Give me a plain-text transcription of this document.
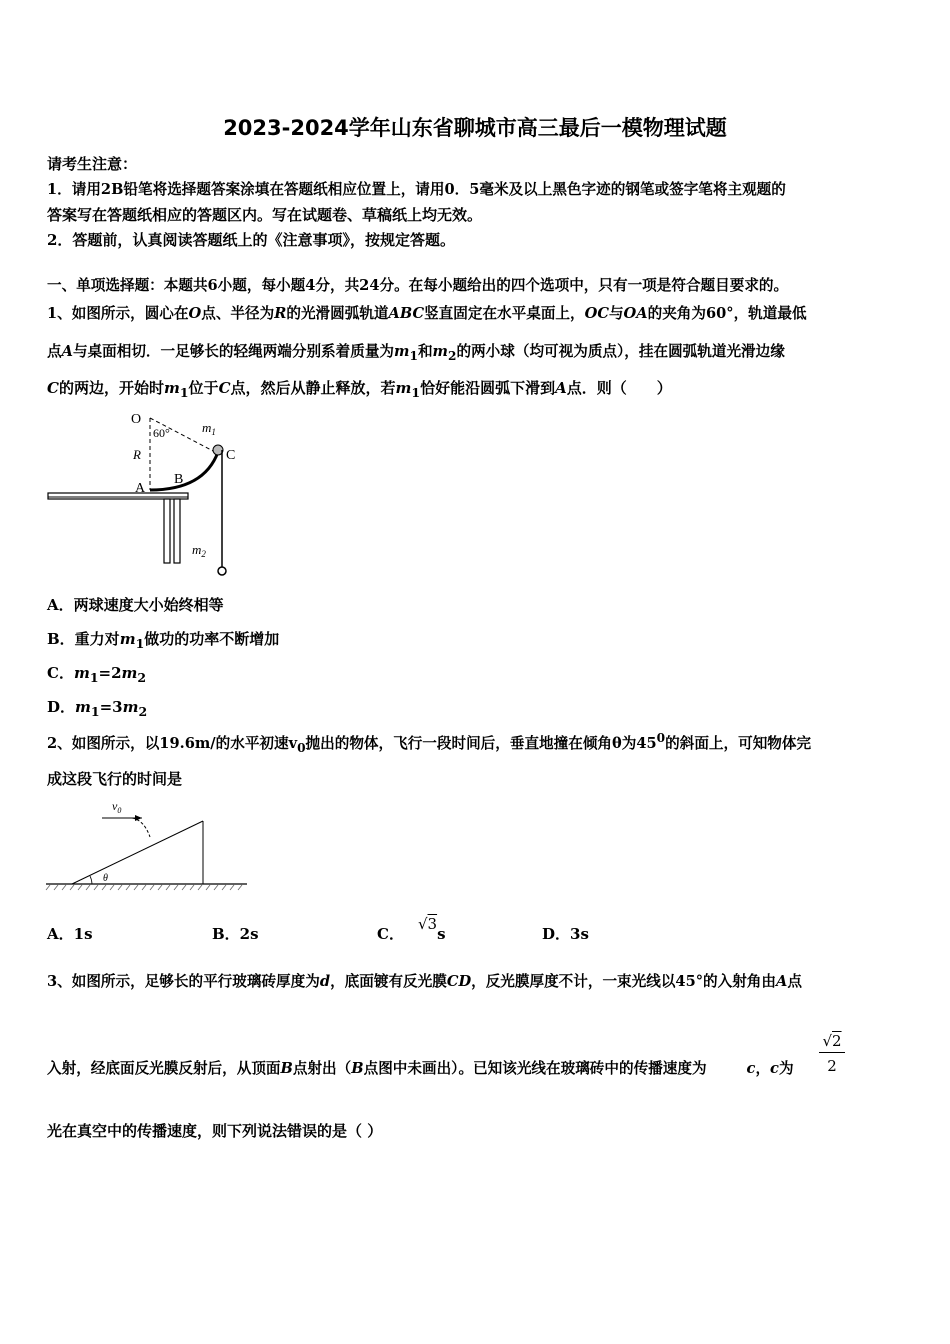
2023-2024学年山东省聊城市高三最后一模物理试题
请考生注意：
1．请用2B铅笔将选择题答案涂填在答题纸相应位置上，请用0．5毫米及以上黑色字迹的钢笔或签字笔将主观题的
答案写在答题纸相应的答题区内。写在试题卷、草稿纸上均无效。
2．答题前，认真阅读答题纸上的《注意事项》，按规定答题。
一、单项选择题：本题共6小题，每小题4分，共24分。在每小题给出的四个选项中，只有一项是符合题目要求的。
1、如图所示，圆心在O点、半径为R的光滑圆弧轨道ABC竖直固定在水平桌面上，OC与OA的夹角为60°，轨道最低
点A与桌面相切．一足够长的轻绳两端分别系着质量为$m_1$和$m_2$的两小球（均可视为质点），挂在圆弧轨道光滑边缘
C的两边，开始时$m_1$位于C点，然后从静止释放，若$m_1$恰好能沿圆弧下滑到A点．则（　　）
O
60° $m_1$
C
R
B
A
$m_2$
A．两球速度大小始终相等
B．重力对$m_1$做功的功率不断增加
C．$m_1=2m_2$
D．$m_1=3m_2$
2、如图所示，以19.6m/的水平初速$v_0$抛出的物体，飞行一段时间后，垂直地撞在倾角θ为$45^0$的斜面上，可知物体完
成这段飞行的时间是
$v_0$
θ
A．1s	B．2s	C．√3s	D．3s
3、如图所示，足够长的平行玻璃砖厚度为d，底面镀有反光膜CD，反光膜厚度不计，一束光线以45°的入射角由A点
入射，经底面反光膜反射后，从顶面B点射出（B点图中未画出）。已知该光线在玻璃砖中的传播速度为	c，c为
√2
2
光在真空中的传播速度，则下列说法错误的是（ ）
